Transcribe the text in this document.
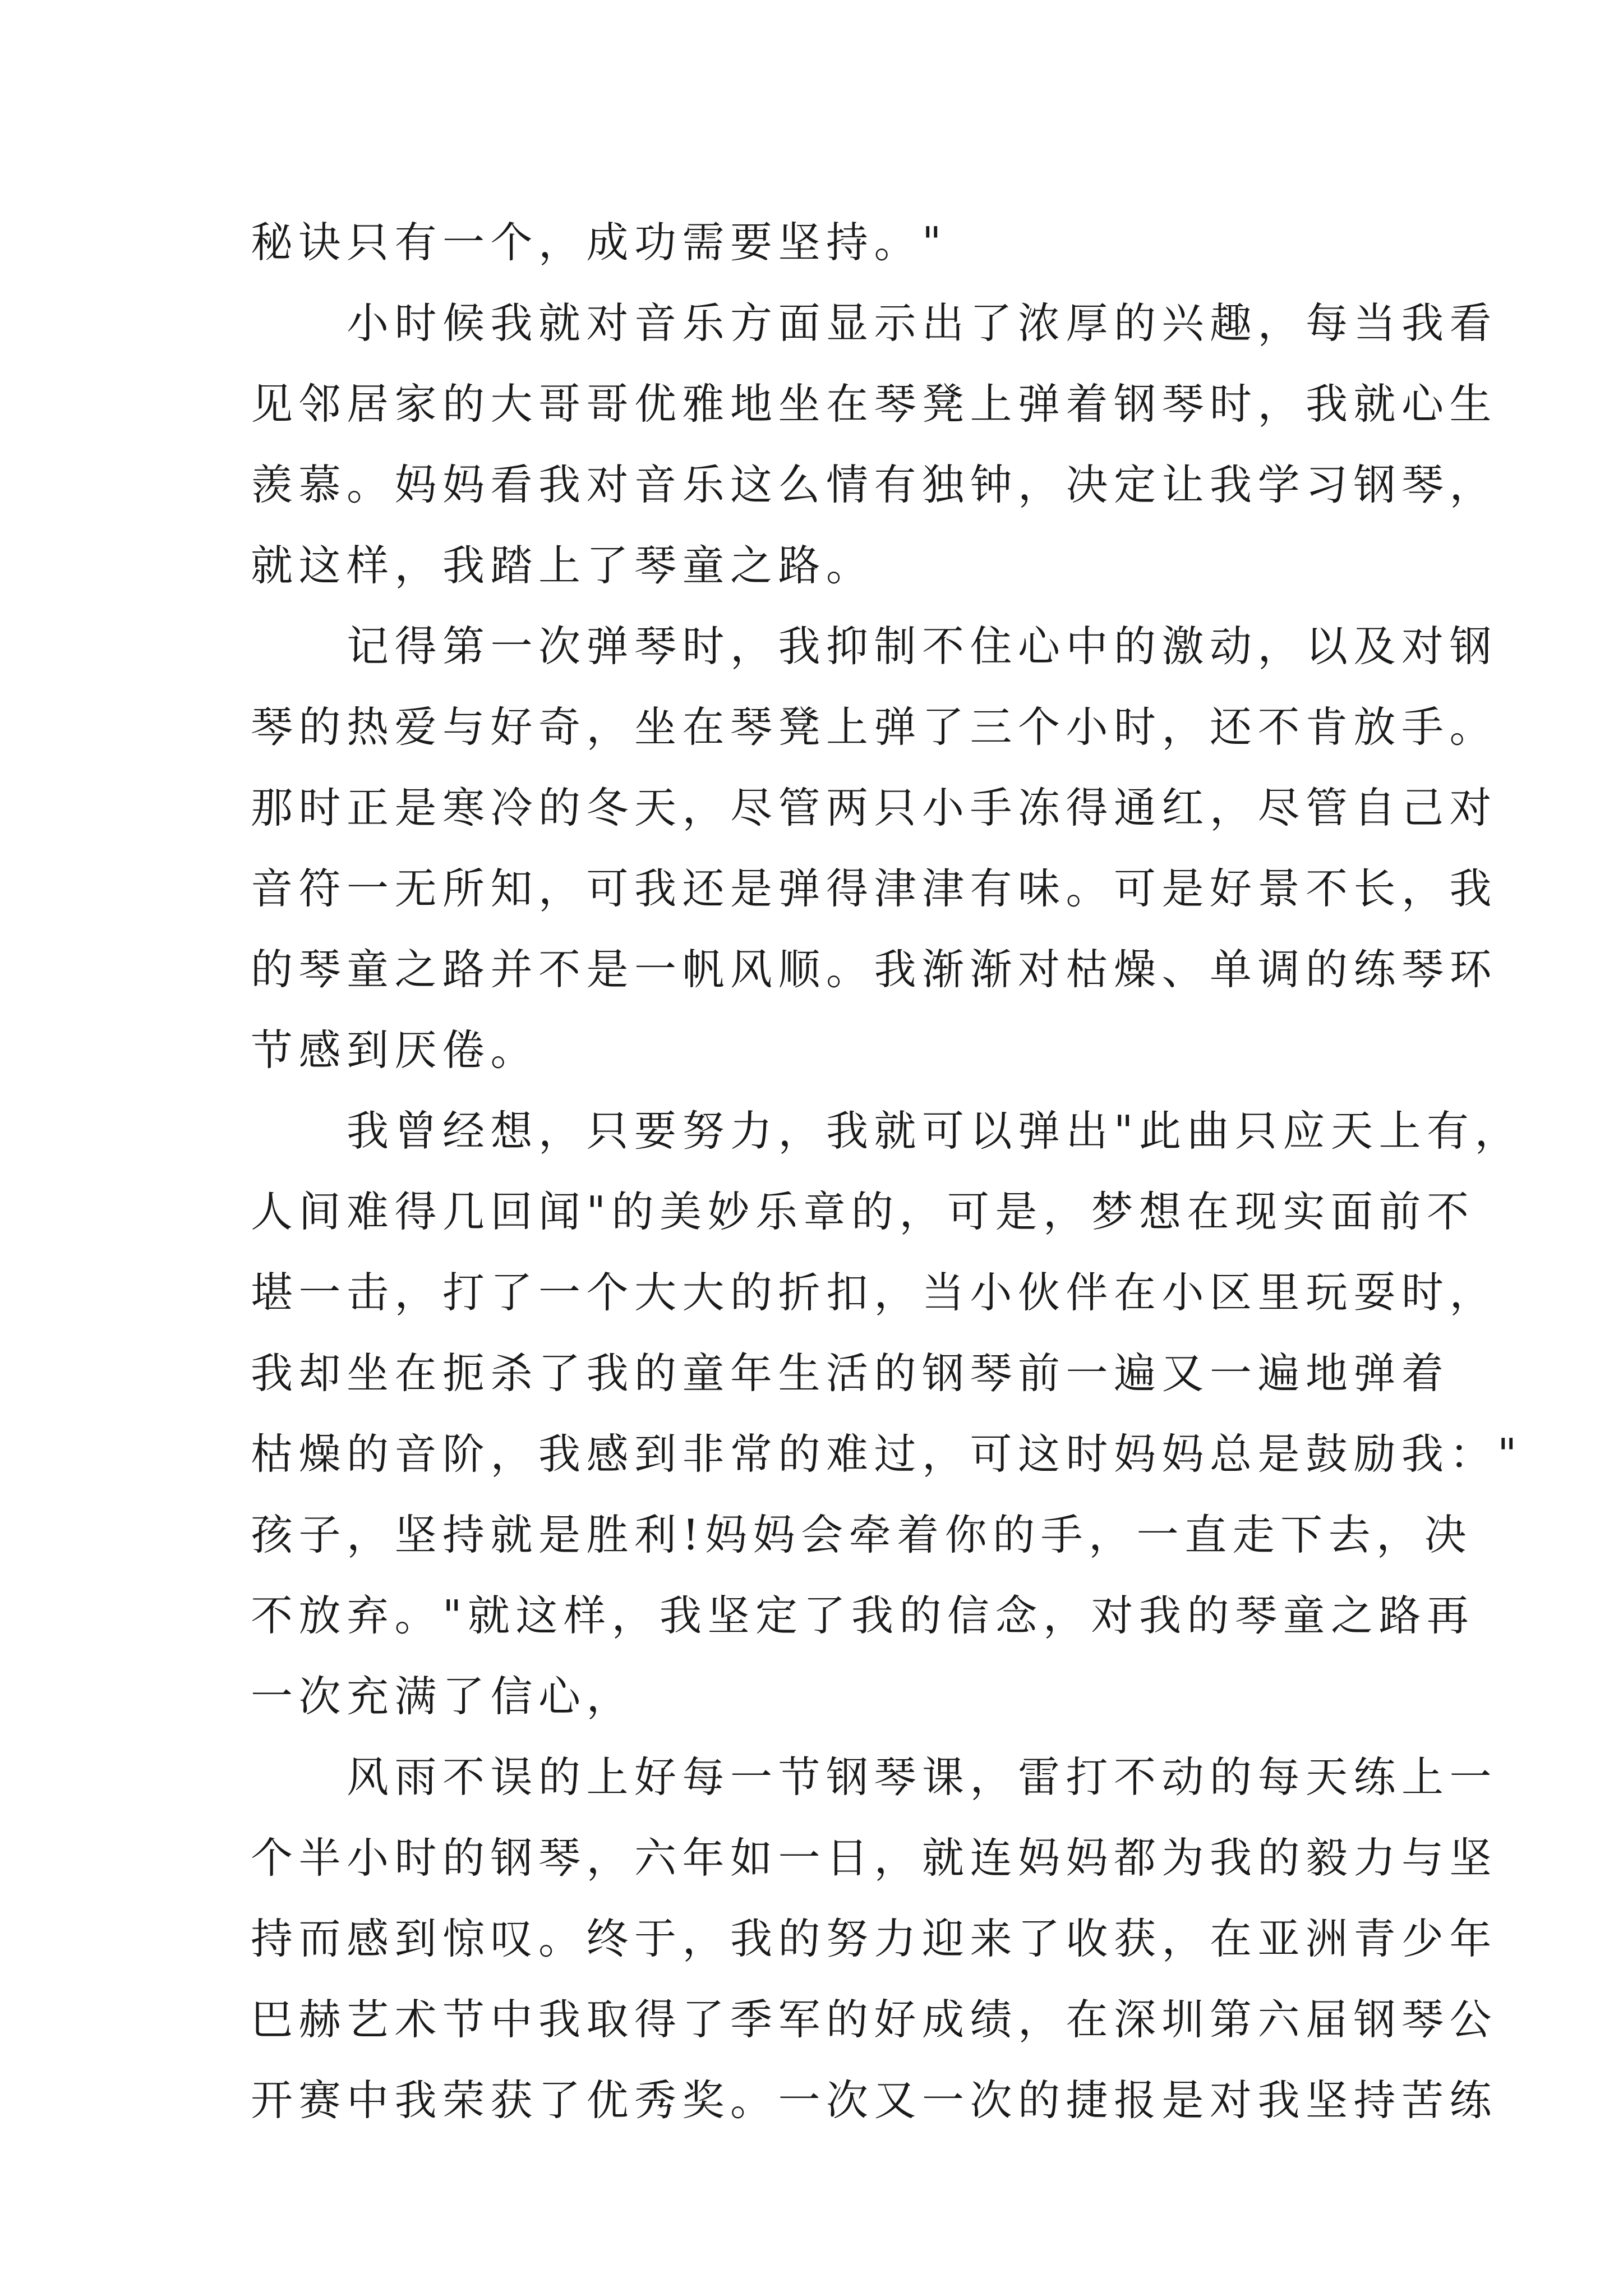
秘诀只有一个，成功需要坚持。"
　　小时候我就对音乐方面显示出了浓厚的兴趣，每当我看
见邻居家的大哥哥优雅地坐在琴凳上弹着钢琴时，我就心生
羡慕。妈妈看我对音乐这么情有独钟，决定让我学习钢琴，
就这样，我踏上了琴童之路。
　　记得第一次弹琴时，我抑制不住心中的激动，以及对钢
琴的热爱与好奇，坐在琴凳上弹了三个小时，还不肯放手。
那时正是寒冷的冬天，尽管两只小手冻得通红，尽管自己对
音符一无所知，可我还是弹得津津有味。可是好景不长，我
的琴童之路并不是一帆风顺。我渐渐对枯燥、单调的练琴环
节感到厌倦。
　　我曾经想，只要努力，我就可以弹出"此曲只应天上有，
人间难得几回闻"的美妙乐章的，可是，梦想在现实面前不
堪一击，打了一个大大的折扣，当小伙伴在小区里玩耍时，
我却坐在扼杀了我的童年生活的钢琴前一遍又一遍地弹着
枯燥的音阶，我感到非常的难过，可这时妈妈总是鼓励我："
孩子，坚持就是胜利!妈妈会牵着你的手，一直走下去，决
不放弃。"就这样，我坚定了我的信念，对我的琴童之路再
一次充满了信心，
　　风雨不误的上好每一节钢琴课，雷打不动的每天练上一
个半小时的钢琴，六年如一日，就连妈妈都为我的毅力与坚
持而感到惊叹。终于，我的努力迎来了收获，在亚洲青少年
巴赫艺术节中我取得了季军的好成绩，在深圳第六届钢琴公
开赛中我荣获了优秀奖。一次又一次的捷报是对我坚持苦练
